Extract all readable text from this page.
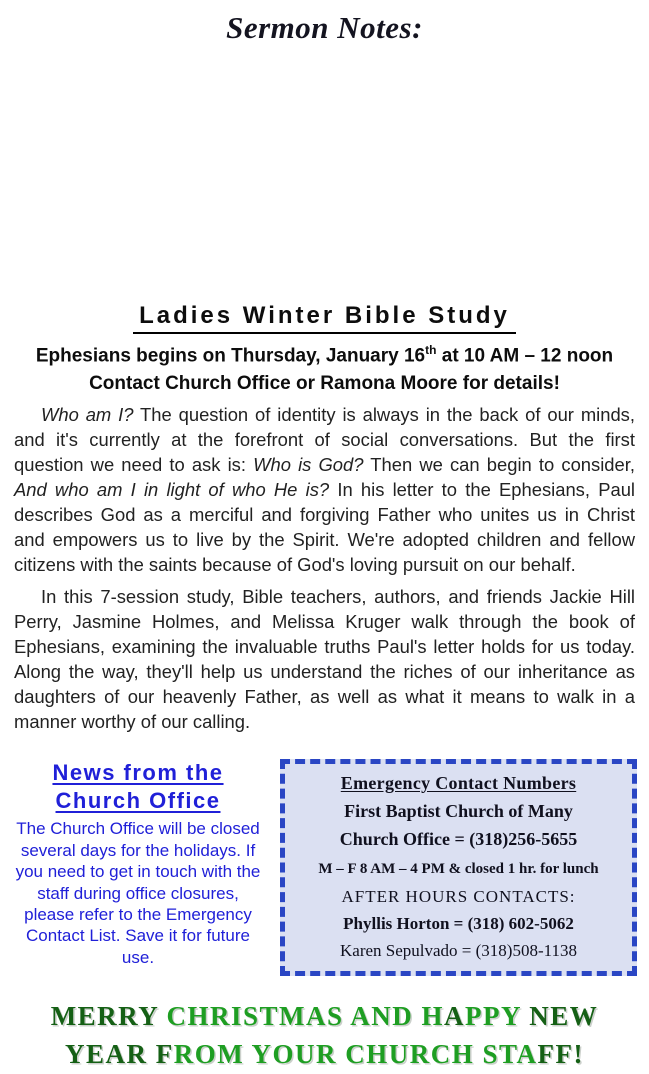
Sermon Notes:
Ladies Winter Bible Study

Ephesians begins on Thursday, January 16th at 10 AM – 12 noon

Contact Church Office or Ramona Moore for details!

Who am I? The question of identity is always in the back of our minds, and it's currently at the forefront of social conversations. But the first question we need to ask is: Who is God? Then we can begin to consider, And who am I in light of who He is? In his letter to the Ephesians, Paul describes God as a merciful and forgiving Father who unites us in Christ and empowers us to live by the Spirit. We're adopted children and fellow citizens with the saints because of God's loving pursuit on our behalf.

In this 7-session study, Bible teachers, authors, and friends Jackie Hill Perry, Jasmine Holmes, and Melissa Kruger walk through the book of Ephesians, examining the invaluable truths Paul's letter holds for us today. Along the way, they'll help us understand the riches of our inheritance as daughters of our heavenly Father, as well as what it means to walk in a manner worthy of our calling.

News from the
Church Office

The Church Office will be closed several days for the holidays. If you need to get in touch with the staff during office closures, please refer to the Emergency Contact List. Save it for future use.

Emergency Contact Numbers
First Baptist Church of Many
Church Office = (318)256-5655
M – F 8 AM – 4 PM & closed 1 hr. for lunch
AFTER HOURS CONTACTS:
Phyllis Horton = (318) 602-5062
Karen Sepulvado = (318)508-1138
MERRY CHRISTMAS AND HAPPY NEW
YEAR FROM YOUR CHURCH STAFF!
